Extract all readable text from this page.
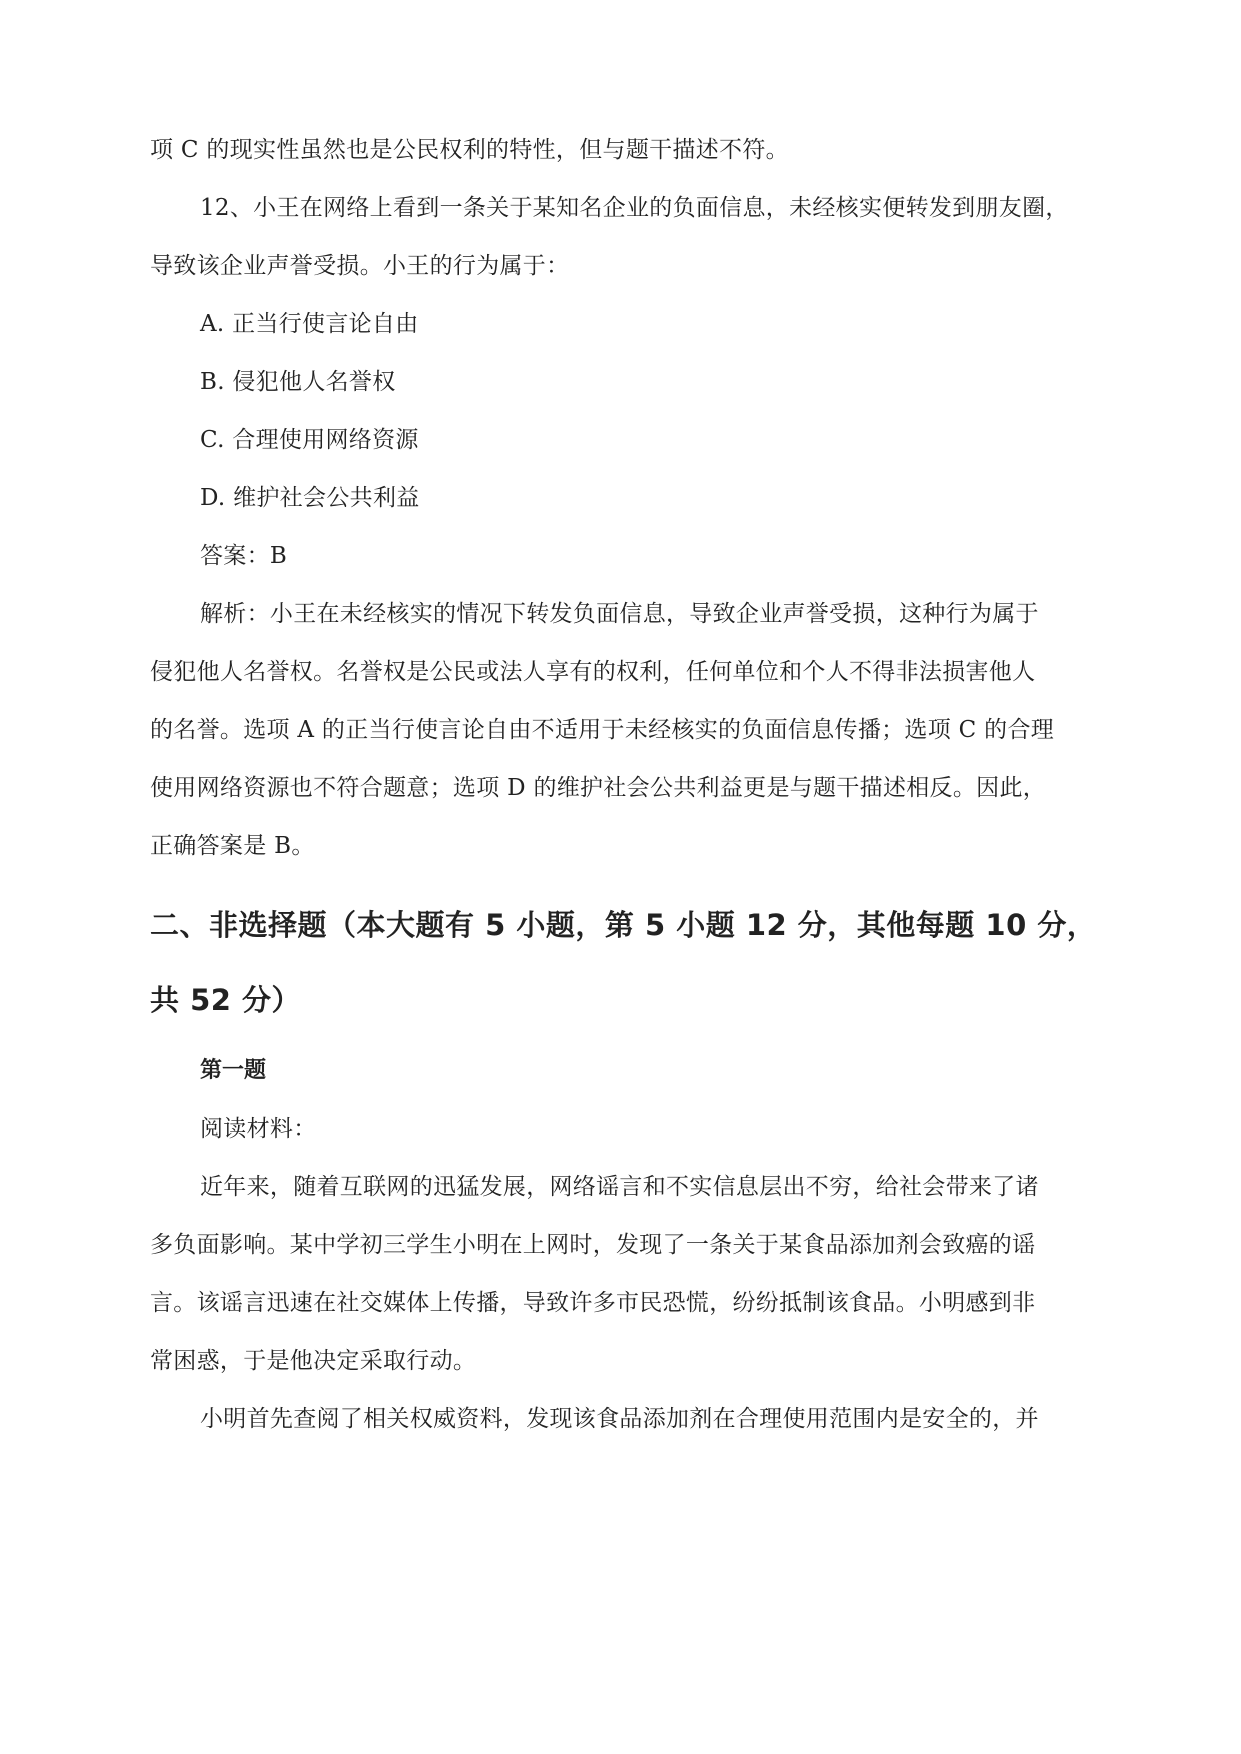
项 C 的现实性虽然也是公民权利的特性，但与题干描述不符。

12、小王在网络上看到一条关于某知名企业的负面信息，未经核实便转发到朋友圈，

导致该企业声誉受损。小王的行为属于：

A. 正当行使言论自由

B. 侵犯他人名誉权

C. 合理使用网络资源

D. 维护社会公共利益

答案：B

解析：小王在未经核实的情况下转发负面信息，导致企业声誉受损，这种行为属于

侵犯他人名誉权。名誉权是公民或法人享有的权利，任何单位和个人不得非法损害他人

的名誉。选项 A 的正当行使言论自由不适用于未经核实的负面信息传播；选项 C 的合理

使用网络资源也不符合题意；选项 D 的维护社会公共利益更是与题干描述相反。因此，

正确答案是 B。

二、非选择题（本大题有 5 小题，第 5 小题 12 分，其他每题 10 分，
共 52 分）
第一题

阅读材料：

近年来，随着互联网的迅猛发展，网络谣言和不实信息层出不穷，给社会带来了诸

多负面影响。某中学初三学生小明在上网时，发现了一条关于某食品添加剂会致癌的谣

言。该谣言迅速在社交媒体上传播，导致许多市民恐慌，纷纷抵制该食品。小明感到非

常困惑，于是他决定采取行动。

小明首先查阅了相关权威资料，发现该食品添加剂在合理使用范围内是安全的，并
